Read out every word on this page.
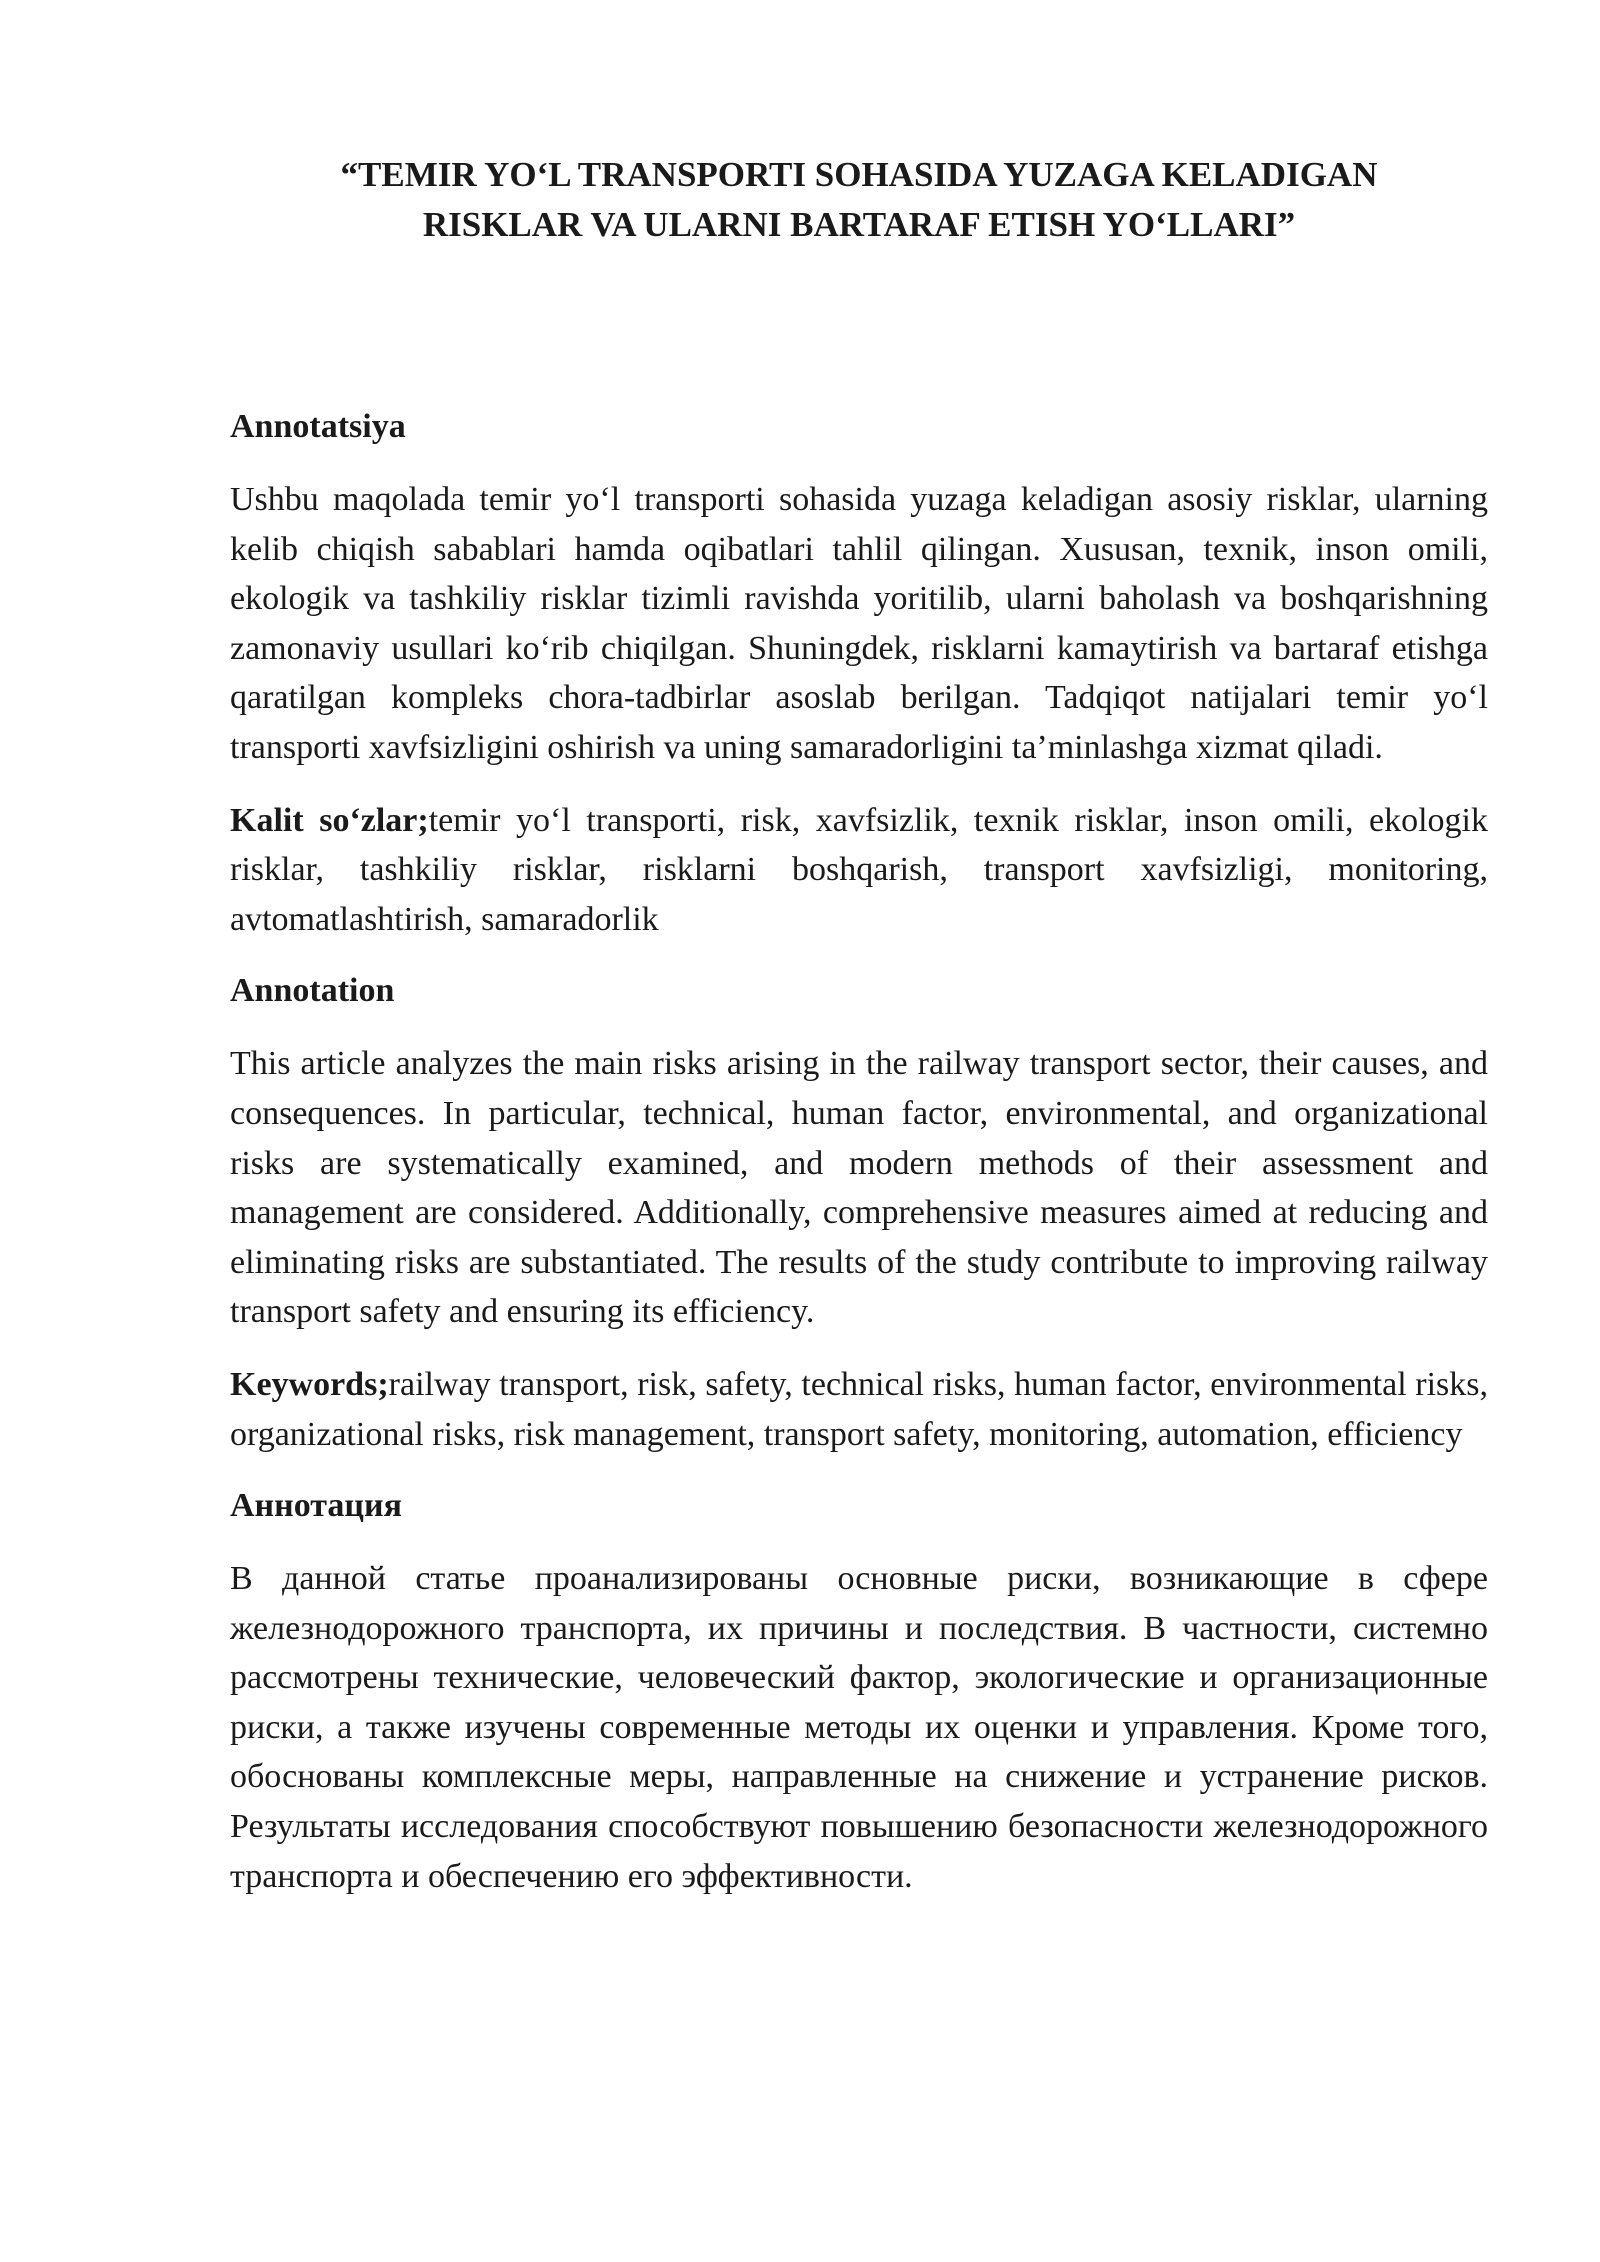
“TEMIR YO‘L TRANSPORTI SOHASIDA YUZAGA KELADIGAN
RISKLAR VA ULARNI BARTARAF ETISH YO‘LLARI”
Annotatsiya

Ushbu maqolada temir yo‘l transporti sohasida yuzaga keladigan asosiy risklar, ularning kelib chiqish sabablari hamda oqibatlari tahlil qilingan. Xususan, texnik, inson omili, ekologik va tashkiliy risklar tizimli ravishda yoritilib, ularni baholash va boshqarishning zamonaviy usullari ko‘rib chiqilgan. Shuningdek, risklarni kamaytirish va bartaraf etishga qaratilgan kompleks chora-tadbirlar asoslab berilgan. Tadqiqot natijalari temir yo‘l transporti xavfsizligini oshirish va uning samaradorligini ta’minlashga xizmat qiladi.

Kalit so‘zlar;temir yo‘l transporti, risk, xavfsizlik, texnik risklar, inson omili, ekologik risklar, tashkiliy risklar, risklarni boshqarish, transport xavfsizligi, monitoring, avtomatlashtirish, samaradorlik

Annotation

This article analyzes the main risks arising in the railway transport sector, their causes, and consequences. In particular, technical, human factor, environmental, and organizational risks are systematically examined, and modern methods of their assessment and management are considered. Additionally, comprehensive measures aimed at reducing and eliminating risks are substantiated. The results of the study contribute to improving railway transport safety and ensuring its efficiency.

Keywords;railway transport, risk, safety, technical risks, human factor, environmental risks, organizational risks, risk management, transport safety, monitoring, automation, efficiency

Аннотация

В данной статье проанализированы основные риски, возникающие в сфере железнодорожного транспорта, их причины и последствия. В частности, системно рассмотрены технические, человеческий фактор, экологические и организационные риски, а также изучены современные методы их оценки и управления. Кроме того, обоснованы комплексные меры, направленные на снижение и устранение рисков. Результаты исследования способствуют повышению безопасности железнодорожного транспорта и обеспечению его эффективности.
